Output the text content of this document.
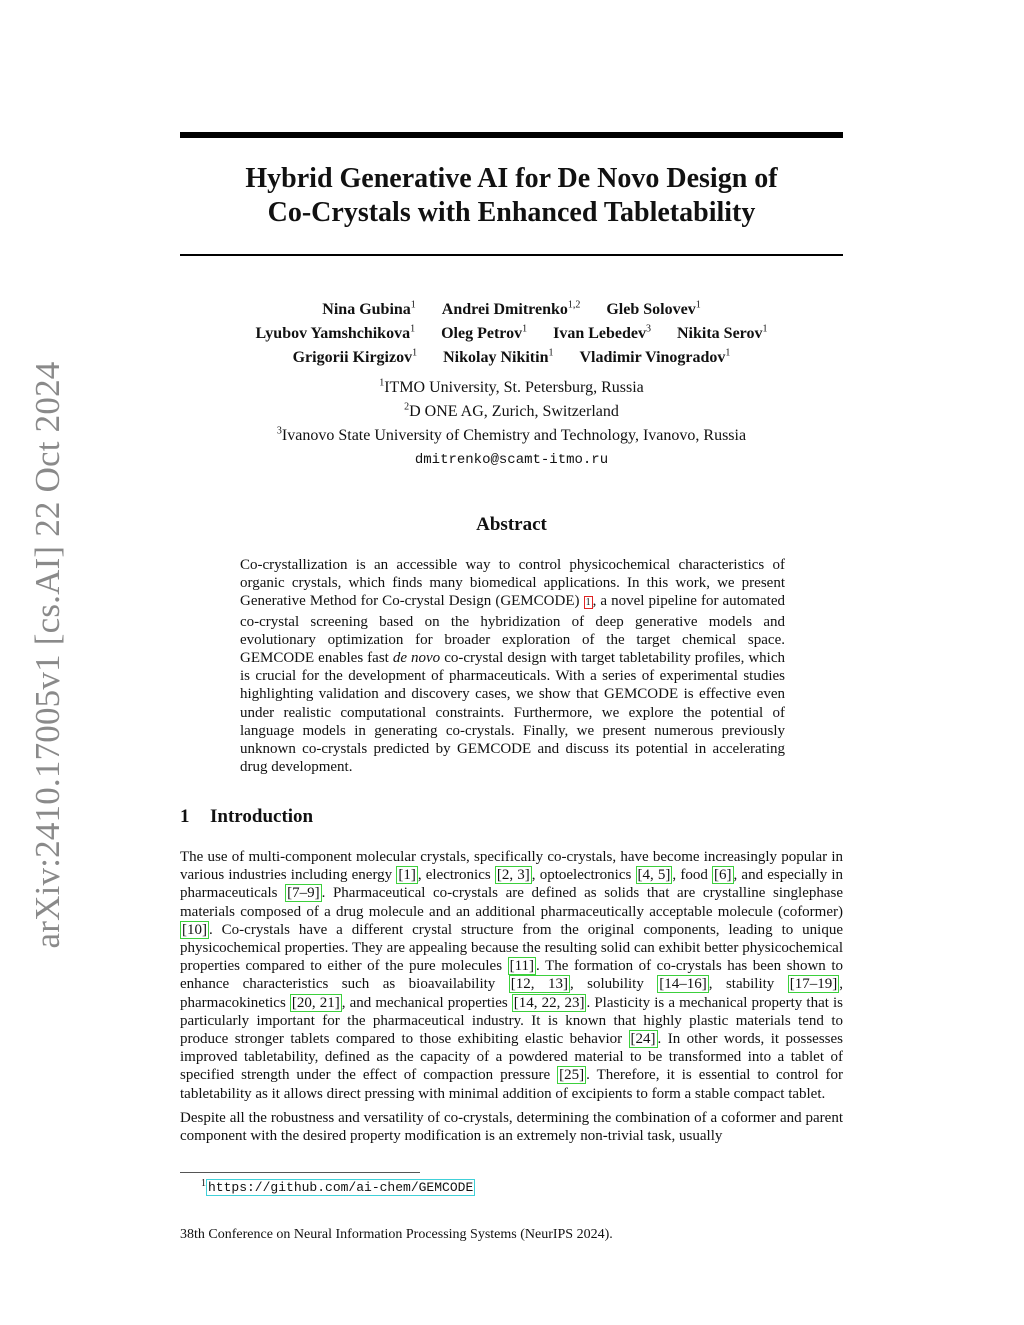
arXiv:2410.17005v1 [cs.AI] 22 Oct 2024
Hybrid Generative AI for De Novo Design of
Co-Crystals with Enhanced Tabletability
Nina Gubina$^1$ Andrei Dmitrenko$^{1,2}$ Gleb Solovev$^1$
Lyubov Yamshchikova$^1$ Oleg Petrov$^1$ Ivan Lebedev$^3$ Nikita Serov$^1$
Grigorii Kirgizov$^1$ Nikolay Nikitin$^1$ Vladimir Vinogradov$^1$
$^1$ITMO University, St. Petersburg, Russia
$^2$D ONE AG, Zurich, Switzerland
$^3$Ivanovo State University of Chemistry and Technology, Ivanovo, Russia
dmitrenko@scamt-itmo.ru
Abstract

Co-crystallization is an accessible way to control physicochemical characteristics of organic crystals, which finds many biomedical applications. In this work, we present Generative Method for Co-crystal Design (GEMCODE) 1 , a novel pipeline for automated co-crystal screening based on the hybridization of deep generative models and evolutionary optimization for broader exploration of the target chemical space. GEMCODE enables fast de novo co-crystal design with target tabletability profiles, which is crucial for the development of pharmaceuticals. With a series of experimental studies highlighting validation and discovery cases, we show that GEMCODE is effective even under realistic computational constraints. Furthermore, we explore the potential of language models in generating co-crystals. Finally, we present numerous previously unknown co-crystals predicted by GEMCODE and discuss its potential in accelerating drug development.

1 Introduction

The use of multi-component molecular crystals, specifically co-crystals, have become increasingly popular in various industries including energy [1] , electronics [2, 3] , optoelectronics [4, 5] , food [6] , and especially in pharmaceuticals [7–9] . Pharmaceutical co-crystals are defined as solids that are crystalline singlephase materials composed of a drug molecule and an additional pharmaceutically acceptable molecule (coformer) [10] . Co-crystals have a different crystal structure from the original components, leading to unique physicochemical properties. They are appealing because the resulting solid can exhibit better physicochemical properties compared to either of the pure molecules [11] . The formation of co-crystals has been shown to enhance characteristics such as bioavailability [12, 13] , solubility [14–16] , stability [17–19] , pharmacokinetics [20, 21] , and mechanical properties [14, 22, 23] . Plasticity is a mechanical property that is particularly important for the pharmaceutical industry. It is known that highly plastic materials tend to produce stronger tablets compared to those exhibiting elastic behavior [24] . In other words, it possesses improved tabletability, defined as the capacity of a powdered material to be transformed into a tablet of specified strength under the effect of compaction pressure [25] . Therefore, it is essential to control for tabletability as it allows direct pressing with minimal addition of excipients to form a stable compact tablet.

Despite all the robustness and versatility of co-crystals, determining the combination of a coformer and parent component with the desired property modification is an extremely non-trivial task, usually

$^1$ https://github.com/ai-chem/GEMCODE
38th Conference on Neural Information Processing Systems (NeurIPS 2024).
